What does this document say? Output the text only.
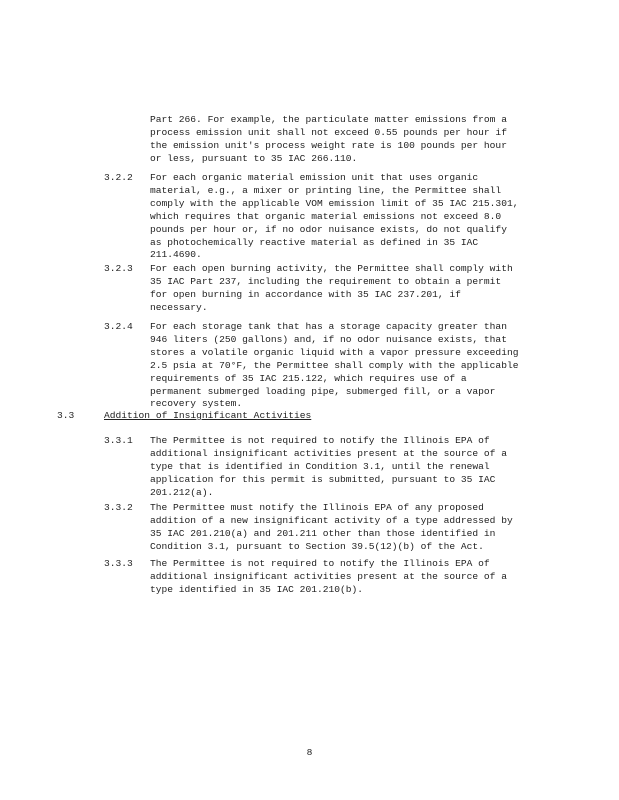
Part 266. For example, the particulate matter emissions from a
process emission unit shall not exceed 0.55 pounds per hour if
the emission unit's process weight rate is 100 pounds per hour
or less, pursuant to 35 IAC 266.110.

3.2.2 For each organic material emission unit that uses organic
material, e.g., a mixer or printing line, the Permittee shall
comply with the applicable VOM emission limit of 35 IAC 215.301,
which requires that organic material emissions not exceed 8.0
pounds per hour or, if no odor nuisance exists, do not qualify
as photochemically reactive material as defined in 35 IAC
211.4690.

3.2.3 For each open burning activity, the Permittee shall comply with
35 IAC Part 237, including the requirement to obtain a permit
for open burning in accordance with 35 IAC 237.201, if
necessary.

3.2.4 For each storage tank that has a storage capacity greater than
946 liters (250 gallons) and, if no odor nuisance exists, that
stores a volatile organic liquid with a vapor pressure exceeding
2.5 psia at 70°F, the Permittee shall comply with the applicable
requirements of 35 IAC 215.122, which requires use of a
permanent submerged loading pipe, submerged fill, or a vapor
recovery system.

3.3	Addition of Insignificant Activities
3.3.1 The Permittee is not required to notify the Illinois EPA of
additional insignificant activities present at the source of a
type that is identified in Condition 3.1, until the renewal
application for this permit is submitted, pursuant to 35 IAC
201.212(a).

3.3.2 The Permittee must notify the Illinois EPA of any proposed
addition of a new insignificant activity of a type addressed by
35 IAC 201.210(a) and 201.211 other than those identified in
Condition 3.1, pursuant to Section 39.5(12)(b) of the Act.

3.3.3 The Permittee is not required to notify the Illinois EPA of
additional insignificant activities present at the source of a
type identified in 35 IAC 201.210(b).

8
